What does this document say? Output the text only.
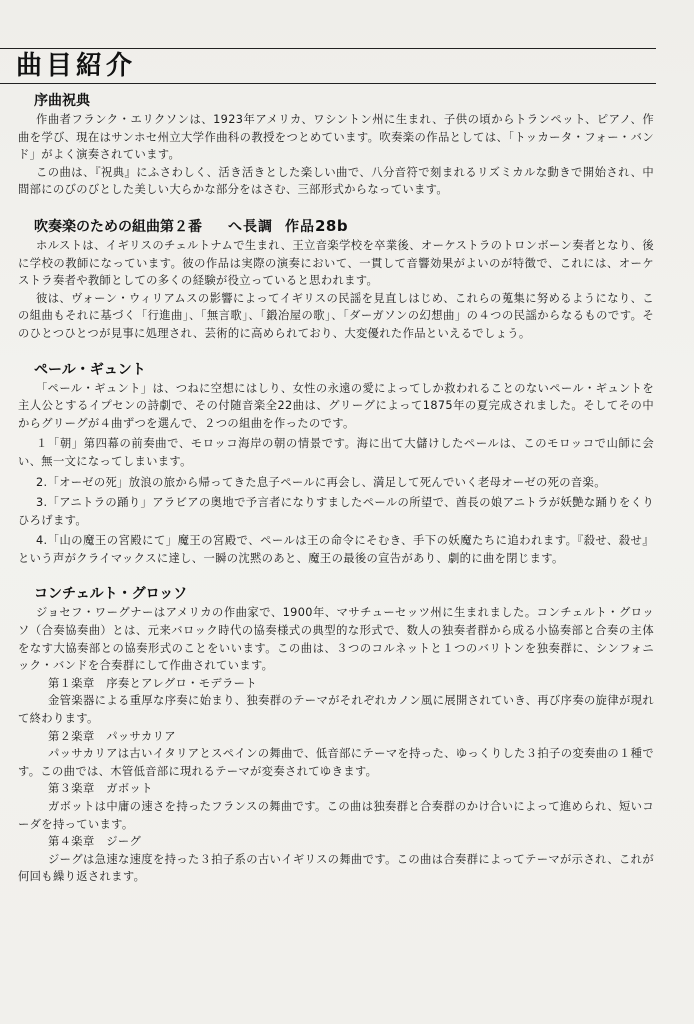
曲目紹介
序曲祝典

作曲者フランク・エリクソンは、1923年アメリカ、ワシントン州に生まれ、子供の頃からトランペット、ピアノ、作曲を学び、現在はサンホセ州立大学作曲科の教授をつとめています。吹奏楽の作品としては、「トッカータ・フォー・バンド」がよく演奏されています。

この曲は、『祝典』にふさわしく、活き活きとした楽しい曲で、八分音符で刻まれるリズミカルな動きで開始され、中間部にのびのびとした美しい大らかな部分をはさむ、三部形式からなっています。

吹奏楽のための組曲第２番 へ長調 作品28b

ホルストは、イギリスのチェルトナムで生まれ、王立音楽学校を卒業後、オーケストラのトロンボーン奏者となり、後に学校の教師になっています。彼の作品は実際の演奏において、一貫して音響効果がよいのが特徴で、これには、オーケストラ奏者や教師としての多くの経験が役立っていると思われます。

彼は、ヴォーン・ウィリアムスの影響によってイギリスの民謡を見直しはじめ、これらの蒐集に努めるようになり、この組曲もそれに基づく「行進曲」、「無言歌」、「鍛冶屋の歌」、「ダーガソンの幻想曲」の４つの民謡からなるものです。そのひとつひとつが見事に処理され、芸術的に高められており、大変優れた作品といえるでしょう。

ペール・ギュント

「ペール・ギュント」は、つねに空想にはしり、女性の永遠の愛によってしか救われることのないペール・ギュントを主人公とするイプセンの詩劇で、その付随音楽全22曲は、グリーグによって1875年の夏完成されました。そしてその中からグリーグが４曲ずつを選んで、２つの組曲を作ったのです。

１「朝」第四幕の前奏曲で、モロッコ海岸の朝の情景です。海に出て大儲けしたペールは、このモロッコで山師に会い、無一文になってしまいます。

2.「オーゼの死」放浪の旅から帰ってきた息子ペールに再会し、満足して死んでいく老母オーゼの死の音楽。

3.「アニトラの踊り」アラビアの奥地で予言者になりすましたペールの所望で、酋長の娘アニトラが妖艶な踊りをくりひろげます。

4.「山の魔王の宮殿にて」魔王の宮殿で、ペールは王の命令にそむき、手下の妖魔たちに追われます。『殺せ、殺せ』という声がクライマックスに達し、一瞬の沈黙のあと、魔王の最後の宣告があり、劇的に曲を閉じます。

コンチェルト・グロッソ

ジョセフ・ワーグナーはアメリカの作曲家で、1900年、マサチューセッツ州に生まれました。コンチェルト・グロッソ（合奏協奏曲）とは、元来バロック時代の協奏様式の典型的な形式で、数人の独奏者群から成る小協奏部と合奏の主体をなす大協奏部との協奏形式のことをいいます。この曲は、３つのコルネットと１つのバリトンを独奏群に、シンフォニック・バンドを合奏群にして作曲されています。

第１楽章　序奏とアレグロ・モデラート

金管楽器による重厚な序奏に始まり、独奏群のテーマがそれぞれカノン風に展開されていき、再び序奏の旋律が現れて終わります。

第２楽章　パッサカリア

パッサカリアは古いイタリアとスペインの舞曲で、低音部にテーマを持った、ゆっくりした３拍子の変奏曲の１種です。この曲では、木管低音部に現れるテーマが変奏されてゆきます。

第３楽章　ガボット

ガボットは中庸の速さを持ったフランスの舞曲です。この曲は独奏群と合奏群のかけ合いによって進められ、短いコーダを持っています。

第４楽章　ジーグ

ジーグは急速な速度を持った３拍子系の古いイギリスの舞曲です。この曲は合奏群によってテーマが示され、これが何回も繰り返されます。
